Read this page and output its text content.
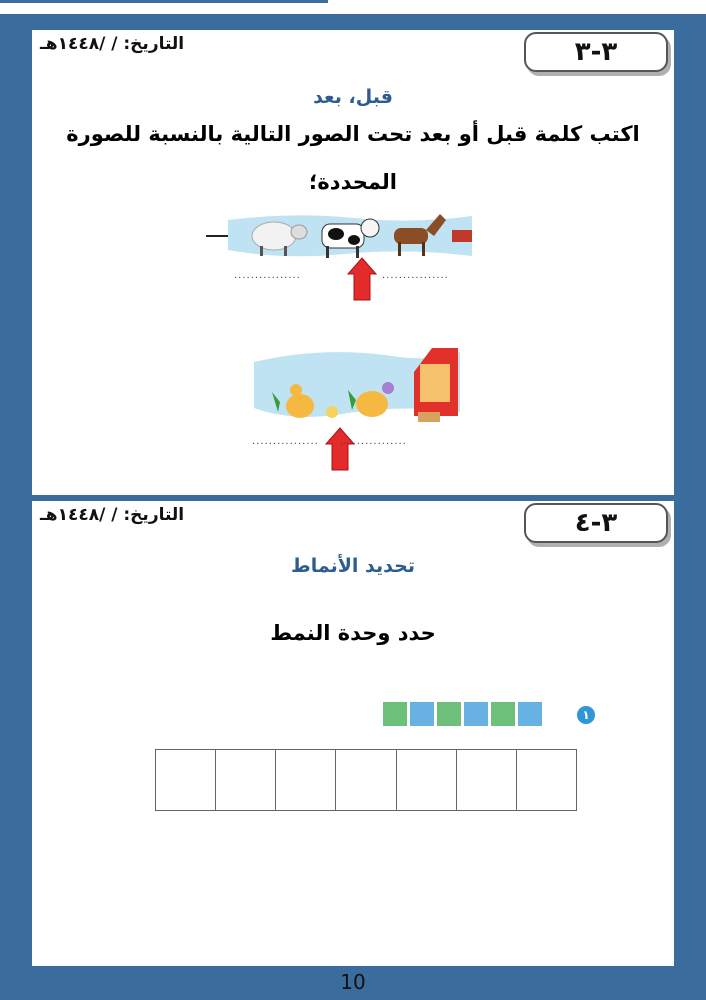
التاريخ: / /١٤٤٨هـ	٣-٣
قبل، بعد
اكتب كلمة قبل أو بعد تحت الصور التالية بالنسبة للصورة
المحددة؛
................	................
................ ................
التاريخ: / /١٤٤٨هـ	٣-٤
تحديد الأنماط
حدد وحدة النمط
١
10
